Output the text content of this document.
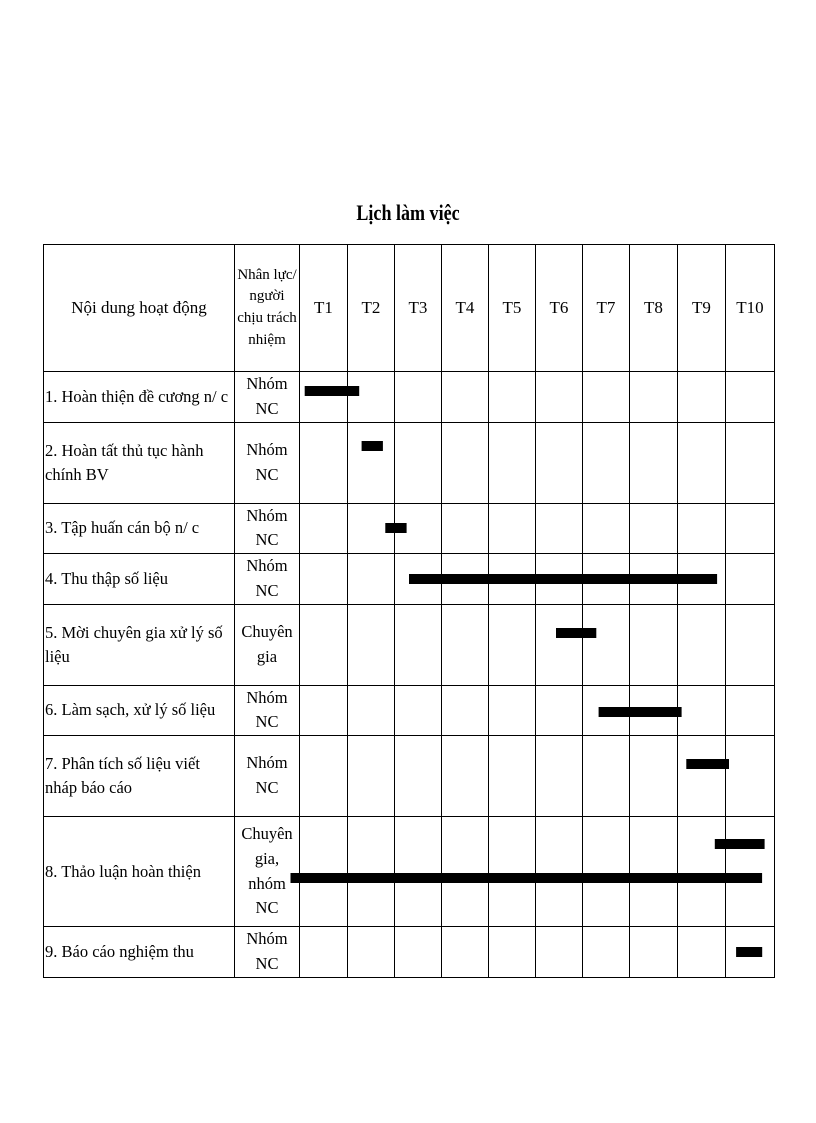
Lịch làm việc
Nội dung hoạt động	Nhân lực/ người chịu trách nhiệm	T1	T2	T3	T4	T5	T6	T7	T8	T9	T10
1. Hoàn thiện đề cương n/ c	Nhóm NC										
2. Hoàn tất thủ tục hành chính BV	Nhóm NC										
3. Tập huấn cán bộ n/ c	Nhóm NC										
4. Thu thập số liệu	Nhóm NC										
5. Mời chuyên gia xử lý số liệu	Chuyên gia										
6. Làm sạch, xử lý số liệu	Nhóm NC										
7. Phân tích số liệu viết nháp báo cáo	Nhóm NC										
8. Thảo luận hoàn thiện	Chuyên gia, nhóm NC										
9. Báo cáo nghiệm thu	Nhóm NC										
